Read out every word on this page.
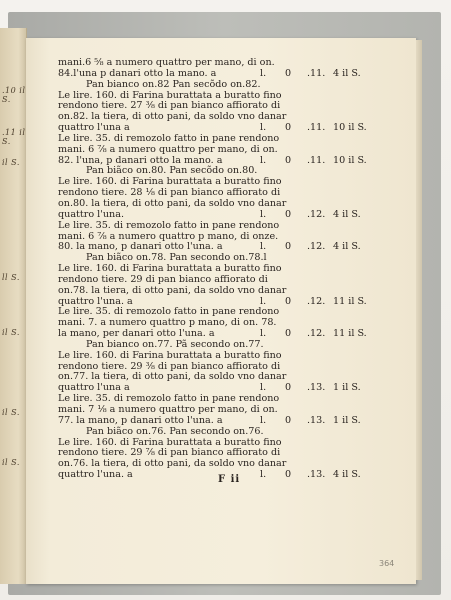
.10 il S.
.11 il S.
il S.
ll S.
il S.
il S.
il S.
mani.6 ⅝ a numero quattro per mano, di on.
84.l'una p danari otto la mano. a	l. 0 .11. 4 il S.
Pan bianco on.82 Pan secõdo on.82.
Le lire. 160. di Farina burattata a buratto fino
rendono tiere. 27 ⅜ di pan bianco affiorato di
on.82. la tiera, di otto pani, da soldo vno danar
quattro l'una a	l. 0 .11. 10 il S.
Le lire. 35. di remozolo fatto in pane rendono
mani. 6 ⅞ a numero quattro per mano, di on.
82. l'una, p danari otto la mano. a	l. 0 .11. 10 il S.
Pan biãco on.80. Pan secõdo on.80.
Le lire. 160. di Farina burattata a buratto fino
rendono tiere. 28 ⅛ di pan bianco affiorato di
on.80. la tiera, di otto pani, da soldo vno danar
quattro l'una.	l. 0 .12. 4 il S.
Le lire. 35. di remozolo fatto in pane rendono
mani. 6 ⅞ a numero quattro p mano, di onze.
80. la mano, p danari otto l'una. a	l. 0 .12. 4 il S.
Pan biãco on.78. Pan secondo on.78.l
Le lire. 160. di Farina burattata a buratto fino
rendono tiere. 29 di pan bianco affiorato di
on.78. la tiera, di otto pani, da soldo vno danar
quattro l'una. a	l. 0 .12. 11 il S.
Le lire. 35. di remozolo fatto in pane rendono
mani. 7. a numero quattro p mano, di on. 78.
la mano, per danari otto l'una. a	l. 0 .12. 11 il S.
Pan bianco on.77. Pã secondo on.77.
Le lire. 160. di Farina burattata a buratto fino
rendono tiere. 29 ⅜ di pan bianco affiorato di
on.77. la tiera, di otto pani, da soldo vno danar
quattro l'una a	l. 0 .13. 1 il S.
Le lire. 35. di remozolo fatto in pane rendono
mani. 7 ⅛ a numero quattro per mano, di on.
77. la mano, p danari otto l'una. a	l. 0 .13. 1 il S.
Pan biãco on.76. Pan secondo on.76.
Le lire. 160. di Farina burattata a buratto fino
rendono tiere. 29 ⅞ di pan bianco affiorato di
on.76. la tiera, di otto pani, da soldo vno danar
quattro l'una. a	l. 0 .13. 4 il S.
F ii
364
